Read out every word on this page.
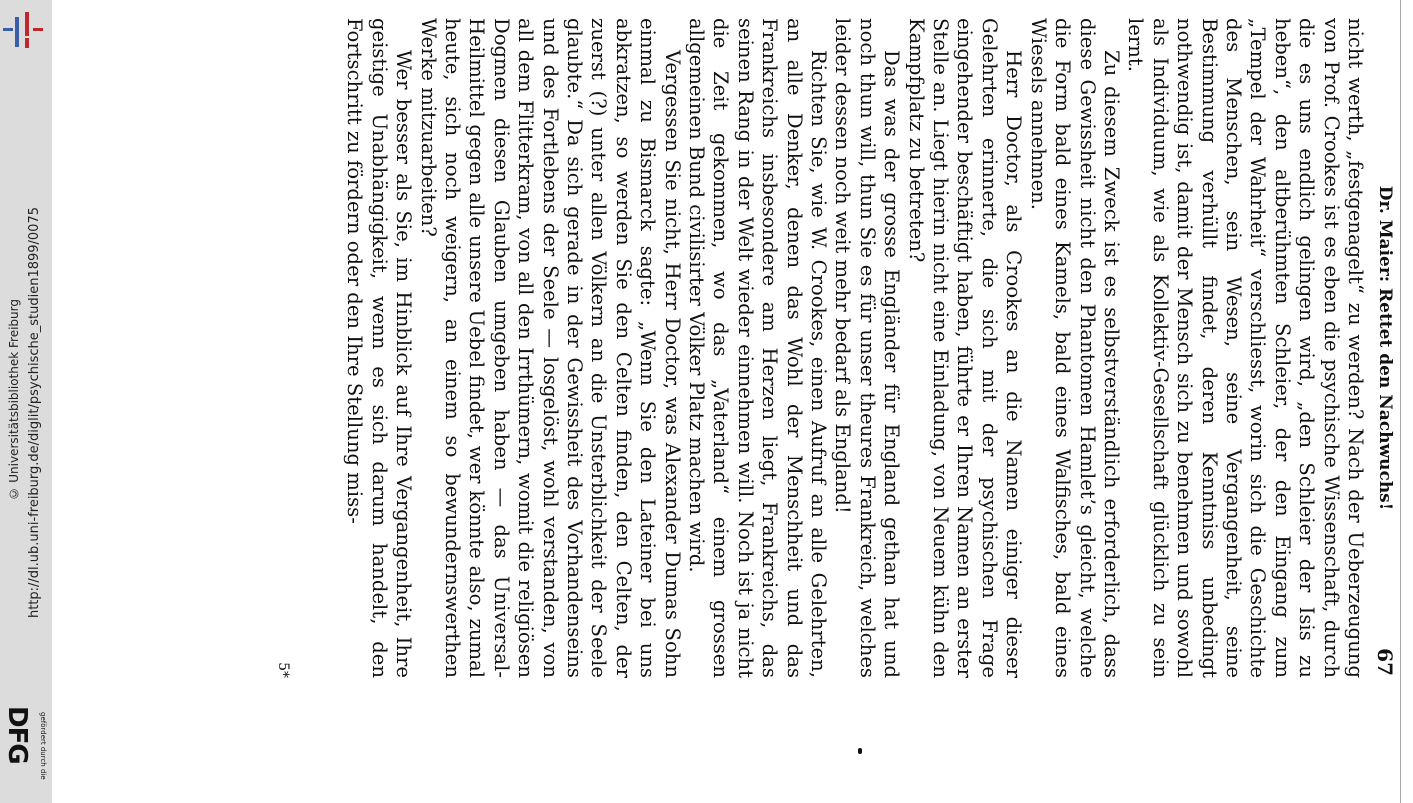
http://dl.ub.uni-freiburg.de/diglit/psychische_studien1899/0075
© Universitätsbibliothek Freiburg
gefördert durch die
DFG
Dr. Maier: Rettet den Nachwuchs!
67

nicht werth, „festgenagelt“ zu werden? Nach der Ueberzeugung von Prof. Crookes ist es eben die psychische Wissenschaft, durch die es uns endlich gelingen wird, „den Schleier der Isis zu heben“, den altberühmten Schleier, der den Eingang zum „Tempel der Wahrheit“ verschliesst, worin sich die Geschichte des Menschen, sein Wesen, seine Vergangenheit, seine Bestimmung verhüllt findet, deren Kenntniss unbedingt nothwendig ist, damit der Mensch sich zu benehmen und sowohl als Individuum, wie als Kollektiv-Gesellschaft glücklich zu sein lernt.

Zu diesem Zweck ist es selbstverständlich erforderlich, dass diese Gewissheit nicht den Phantomen Hamlet’s gleicht, welche die Form bald eines Kamels, bald eines Walfisches, bald eines Wiesels annehmen.

Herr Doctor, als Crookes an die Namen einiger dieser Gelehrten erinnerte, die sich mit der psychischen Frage eingehender beschäftigt haben, führte er Ihren Namen an erster Stelle an. Liegt hierin nicht eine Einladung, von Neuem kühn den Kampfplatz zu betreten?

Das was der grosse Engländer für England gethan hat und noch thun will, thun Sie es für unser theures Frankreich, welches leider dessen noch weit mehr bedarf als England!

Richten Sie, wie W. Crookes, einen Aufruf an alle Gelehrten, an alle Denker, denen das Wohl der Menschheit und das Frankreichs insbesondere am Herzen liegt, Frankreichs, das seinen Rang in der Welt wieder einnehmen will. Noch ist ja nicht die Zeit gekommen, wo das „Vaterland“ einem grossen allgemeinen Bund civilisirter Völker Platz machen wird.

Vergessen Sie nicht, Herr Doctor, was Alexander Dumas Sohn einmal zu Bismarck sagte: „Wenn Sie den Lateiner bei uns abkratzen, so werden Sie den Celten finden, den Celten, der zuerst (?) unter allen Völkern an die Unsterblichkeit der Seele glaubte.“ Da sich gerade in der Gewissheit des Vorhandenseins und des Fortlebens der Seele — losgelöst, wohl verstanden, von all dem Flitterkram, von all den Irrthümern, womit die religiösen Dogmen diesen Glauben umgeben haben — das Universal-Heilmittel gegen alle unsere Uebel findet, wer könnte also, zumal heute, sich noch weigern, an einem so bewundernswerthen Werke mitzuarbeiten?

Wer besser als Sie, im Hinblick auf Ihre Vergangenheit, Ihre geistige Unabhängigkeit, wenn es sich darum handelt, den Fortschritt zu fördern oder den Ihre Stellung miss-

5*
